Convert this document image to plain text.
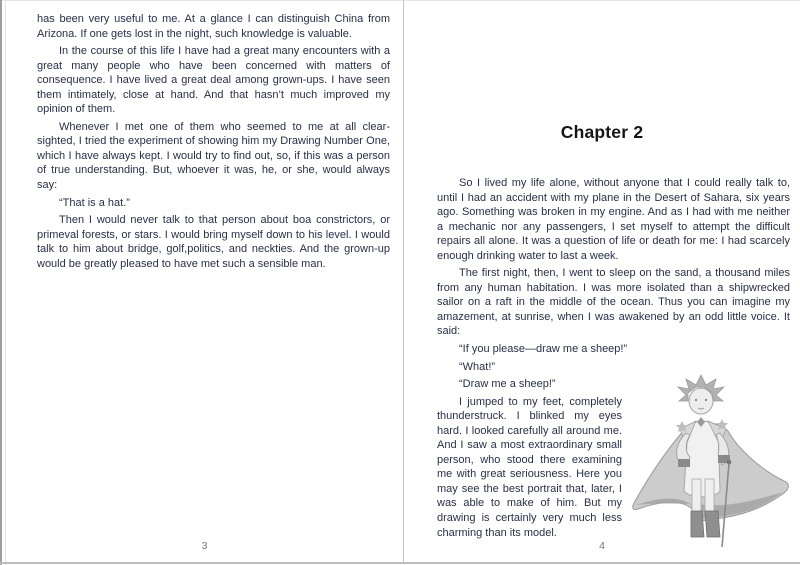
has been very useful to me. At a glance I can distinguish China from Arizona. If one gets lost in the night, such knowledge is valuable.

In the course of this life I have had a great many encounters with a great many people who have been concerned with matters of consequence. I have lived a great deal among grown-ups. I have seen them intimately, close at hand. And that hasn’t much improved my opinion of them.

Whenever I met one of them who seemed to me at all clear- sighted, I tried the experiment of showing him my Drawing Number One, which I have always kept. I would try to find out, so, if this was a person of true understanding. But, whoever it was, he, or she, would always say:

“That is a hat.”

Then I would never talk to that person about boa constrictors, or primeval forests, or stars. I would bring myself down to his level. I would talk to him about bridge, golf,politics, and neckties. And the grown-up would be greatly pleased to have met such a sensible man.

3
Chapter 2

So I lived my life alone, without anyone that I could really talk to, until I had an accident with my plane in the Desert of Sahara, six years ago. Something was broken in my engine. And as I had with me neither a mechanic nor any passengers, I set myself to attempt the difficult repairs all alone. It was a question of life or death for me: I had scarcely enough drinking water to last a week.

The first night, then, I went to sleep on the sand, a thousand miles from any human habitation. I was more isolated than a shipwrecked sailor on a raft in the middle of the ocean. Thus you can imagine my amazement, at sunrise, when I was awakened by an odd little voice. It said:

“If you please—draw me a sheep!”

“What!”

“Draw me a sheep!”

I jumped to my feet, completely thunderstruck. I blinked my eyes hard. I looked carefully all around me. And I saw a most extraordinary small person, who stood there examining me with great seriousness. Here you may see the best portrait that, later, I was able to make of him. But my drawing is certainly very much less charming than its model.

4
